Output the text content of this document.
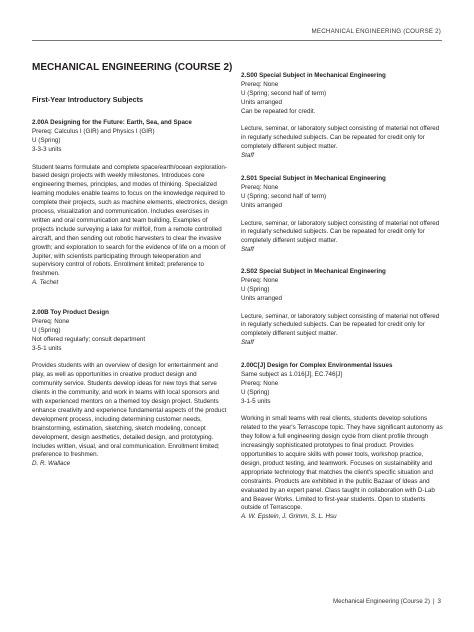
MECHANICAL ENGINEERING (COURSE 2)
MECHANICAL ENGINEERING (COURSE 2)
First-Year Introductory Subjects

2.00A Designing for the Future: Earth, Sea, and Space

Prereq: Calculus I (GIR) and Physics I (GIR)

U (Spring)

3-3-3 units

Student teams formulate and complete space/earth/ocean exploration-based design projects with weekly milestones. Introduces core engineering themes, principles, and modes of thinking. Specialized learning modules enable teams to focus on the knowledge required to complete their projects, such as machine elements, electronics, design process, visualization and communication. Includes exercises in written and oral communication and team building. Examples of projects include surveying a lake for millfoil, from a remote controlled aircraft, and then sending out robotic harvesters to clear the invasive growth; and exploration to search for the evidence of life on a moon of Jupiter, with scientists participating through teleoperation and supervisory control of robots. Enrollment limited; preference to freshmen.

A. Techet

2.00B Toy Product Design

Prereq: None

U (Spring)

Not offered regularly; consult department

3-5-1 units

Provides students with an overview of design for entertainment and play, as well as opportunities in creative product design and community service. Students develop ideas for new toys that serve clients in the community, and work in teams with local sponsors and with experienced mentors on a themed toy design project. Students enhance creativity and experience fundamental aspects of the product development process, including determining customer needs, brainstorming, estimation, sketching, sketch modeling, concept development, design aesthetics, detailed design, and prototyping. Includes written, visual, and oral communication. Enrollment limited; preference to freshmen.

D. R. Wallace

2.S00 Special Subject in Mechanical Engineering

Prereq: None

U (Spring; second half of term)

Units arranged

Can be repeated for credit.

Lecture, seminar, or laboratory subject consisting of material not offered in regularly scheduled subjects. Can be repeated for credit only for completely different subject matter.

Staff

2.S01 Special Subject in Mechanical Engineering

Prereq: None

U (Spring; second half of term)

Units arranged

Lecture, seminar, or laboratory subject consisting of material not offered in regularly scheduled subjects. Can be repeated for credit only for completely different subject matter.

Staff

2.S02 Special Subject in Mechanical Engineering

Prereq: None

U (Spring)

Units arranged

Lecture, seminar, or laboratory subject consisting of material not offered in regularly scheduled subjects. Can be repeated for credit only for completely different subject matter.

Staff

2.00C[J] Design for Complex Environmental Issues

Same subject as 1.016[J], EC.746[J]

Prereq: None

U (Spring)

3-1-5 units

Working in small teams with real clients, students develop solutions related to the year's Terrascope topic. They have significant autonomy as they follow a full engineering design cycle from client profile through increasingly sophisticated prototypes to final product. Provides opportunities to acquire skills with power tools, workshop practice, design, product testing, and teamwork. Focuses on sustainability and appropriate technology that matches the client's specific situation and constraints. Products are exhibited in the public Bazaar of Ideas and evaluated by an expert panel. Class taught in collaboration with D-Lab and Beaver Works. Limited to first-year students. Open to students outside of Terrascope.

A. W. Epstein, J. Grimm, S. L. Hsu

Mechanical Engineering (Course 2) | 3
